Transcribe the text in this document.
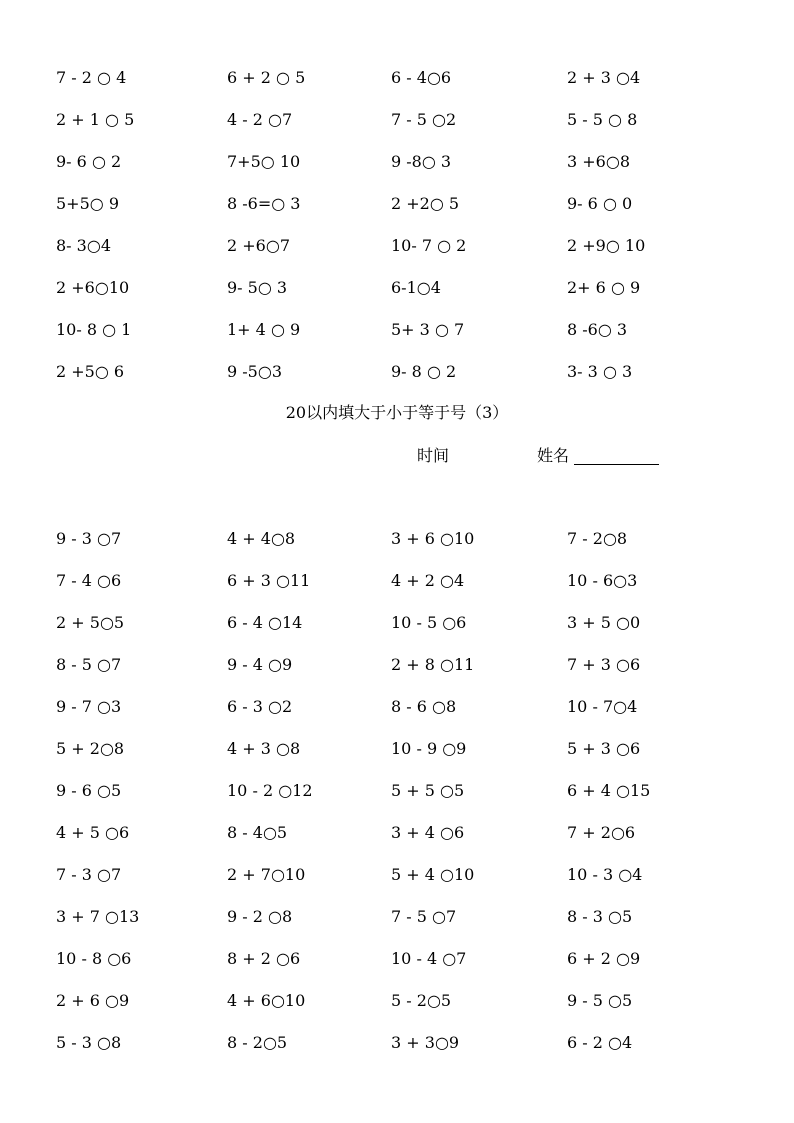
7 - 2 ○ 4	6 + 2 ○ 5	6 - 4○6	2 + 3 ○4
2 + 1 ○ 5	4 - 2 ○7	7 - 5 ○2	5 - 5 ○ 8
9- 6 ○ 2	7+5○ 10	9 -8○ 3	3 +6○8
5+5○ 9	8 -6=○ 3	2 +2○ 5	9- 6 ○ 0
8- 3○4	2 +6○7	10- 7 ○ 2	2 +9○ 10
2 +6○10	9- 5○ 3	6-1○4	2+ 6 ○ 9
10- 8 ○ 1	1+ 4 ○ 9	5+ 3 ○ 7	8 -6○ 3
2 +5○ 6	9 -5○3	9- 8 ○ 2	3- 3 ○ 3
20以内填大于小于等于号（3）
时间	姓名
9 - 3 ○7	4 + 4○8	3 + 6 ○10	7 - 2○8
7 - 4 ○6	6 + 3 ○11	4 + 2 ○4	10 - 6○3
2 + 5○5	6 - 4 ○14	10 - 5 ○6	3 + 5 ○0
8 - 5 ○7	9 - 4 ○9	2 + 8 ○11	7 + 3 ○6
9 - 7 ○3	6 - 3 ○2	8 - 6 ○8	10 - 7○4
5 + 2○8	4 + 3 ○8	10 - 9 ○9	5 + 3 ○6
9 - 6 ○5	10 - 2 ○12	5 + 5 ○5	6 + 4 ○15
4 + 5 ○6	8 - 4○5	3 + 4 ○6	7 + 2○6
7 - 3 ○7	2 + 7○10	5 + 4 ○10	10 - 3 ○4
3 + 7 ○13	9 - 2 ○8	7 - 5 ○7	8 - 3 ○5
10 - 8 ○6	8 + 2 ○6	10 - 4 ○7	6 + 2 ○9
2 + 6 ○9	4 + 6○10	5 - 2○5	9 - 5 ○5
5 - 3 ○8	8 - 2○5	3 + 3○9	6 - 2 ○4
